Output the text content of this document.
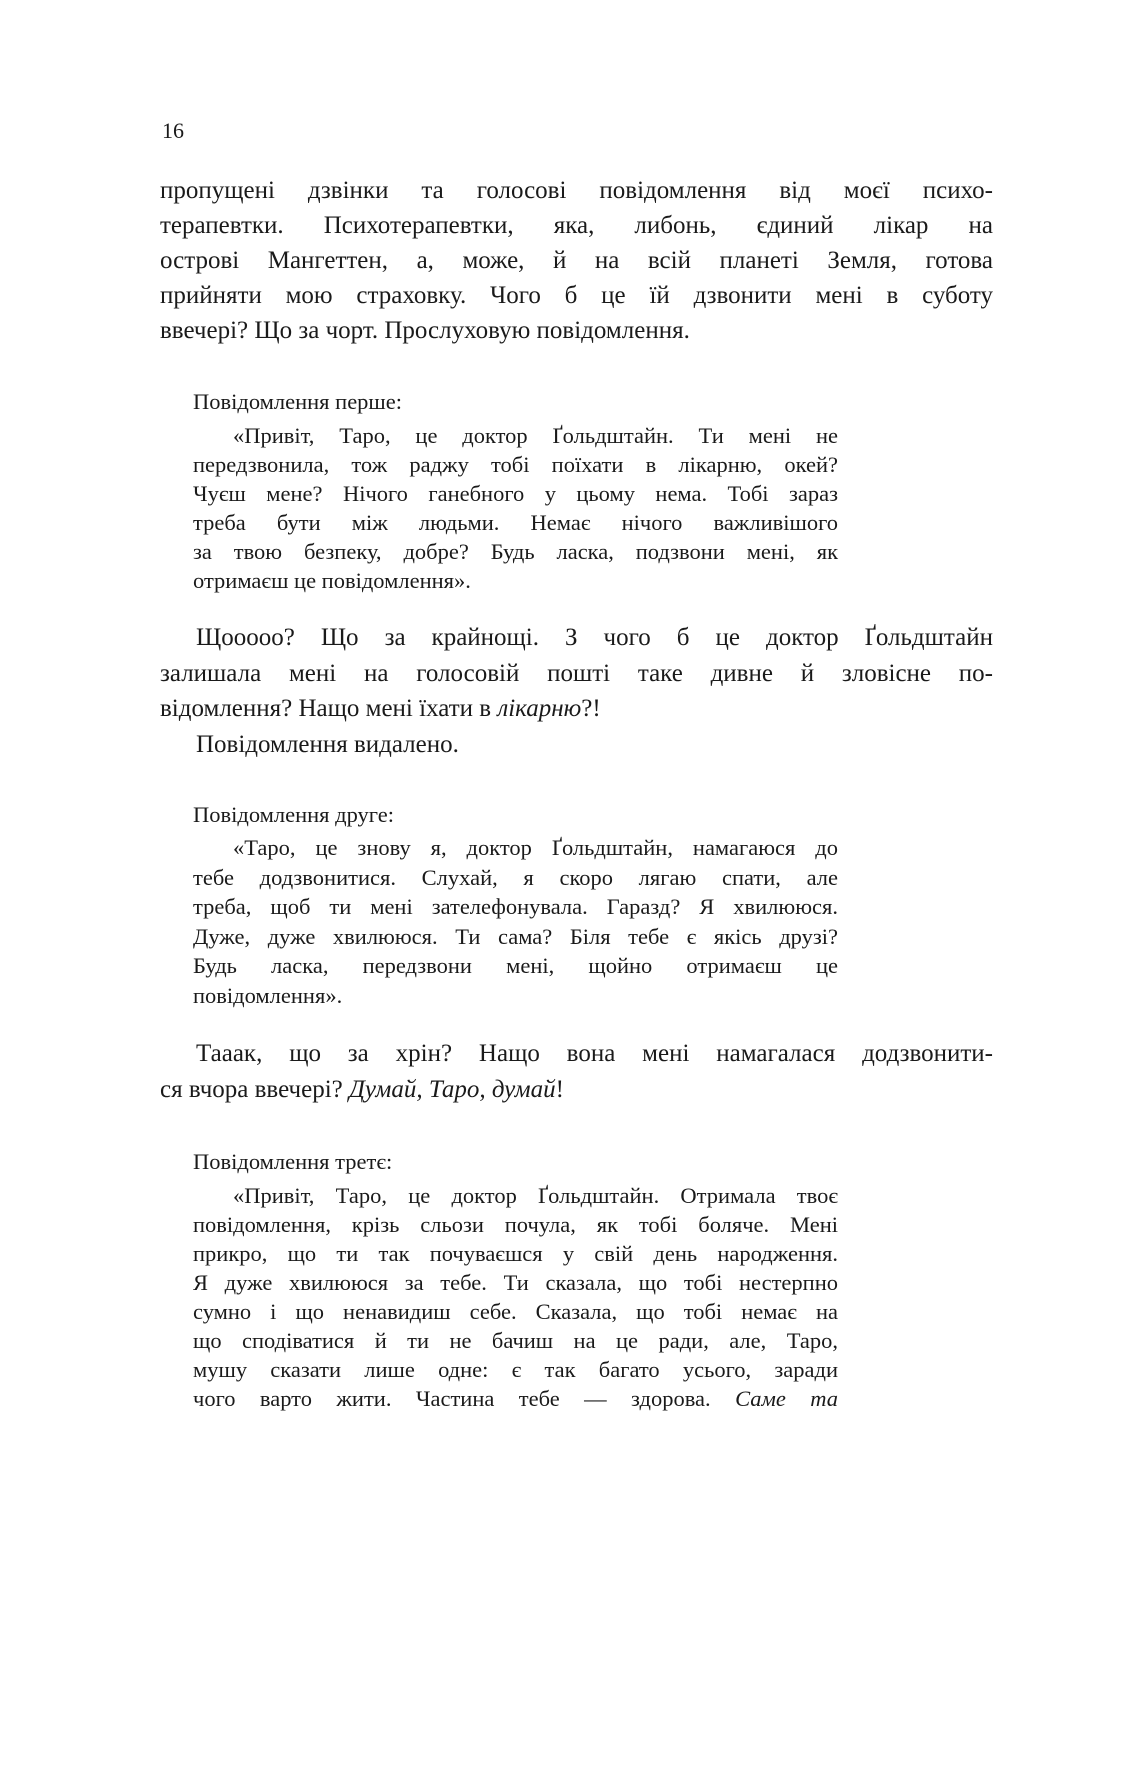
16
пропущені дзвінки та голосові повідомлення від моєї психо-
терапевтки. Психотерапевтки, яка, либонь, єдиний лікар на
острові Мангеттен, а, може, й на всій планеті Земля, готова
прийняти мою страховку. Чого б це їй дзвонити мені в суботу
ввечері? Що за чорт. Прослуховую повідомлення.
Повідомлення перше:
«Привіт, Таро, це доктор Ґольдштайн. Ти мені не
передзвонила, тож раджу тобі поїхати в лікарню, окей?
Чуєш мене? Нічого ганебного у цьому нема. Тобі зараз
треба бути між людьми. Немає нічого важливішого
за твою безпеку, добре? Будь ласка, подзвони мені, як
отримаєш це повідомлення».
Щоoooo? Що за крайнощі. З чого б це доктор Ґольдштайн
залишала мені на голосовій пошті таке дивне й зловісне по-
відомлення? Нащо мені їхати в лікарню?!
Повідомлення видалено.
Повідомлення друге:
«Таро, це знову я, доктор Ґольдштайн, намагаюся до
тебе додзвонитися. Слухай, я скоро лягаю спати, але
треба, щоб ти мені зателефонувала. Гаразд? Я хвилююся.
Дуже, дуже хвилююся. Ти сама? Біля тебе є якісь друзі?
Будь ласка, передзвони мені, щойно отримаєш це
повідомлення».
Тааак, що за хрін? Нащо вона мені намагалася додзвонити-
ся вчора ввечері? Думай, Таро, думай!
Повідомлення третє:
«Привіт, Таро, це доктор Ґольдштайн. Отримала твоє
повідомлення, крізь сльози почула, як тобі боляче. Мені
прикро, що ти так почуваєшся у свій день народження.
Я дуже хвилююся за тебе. Ти сказала, що тобі нестерпно
сумно і що ненавидиш себе. Сказала, що тобі немає на
що сподіватися й ти не бачиш на це ради, але, Таро,
мушу сказати лише одне: є так багато усього, заради
чого варто жити. Частина тебе — здорова. Саме та
